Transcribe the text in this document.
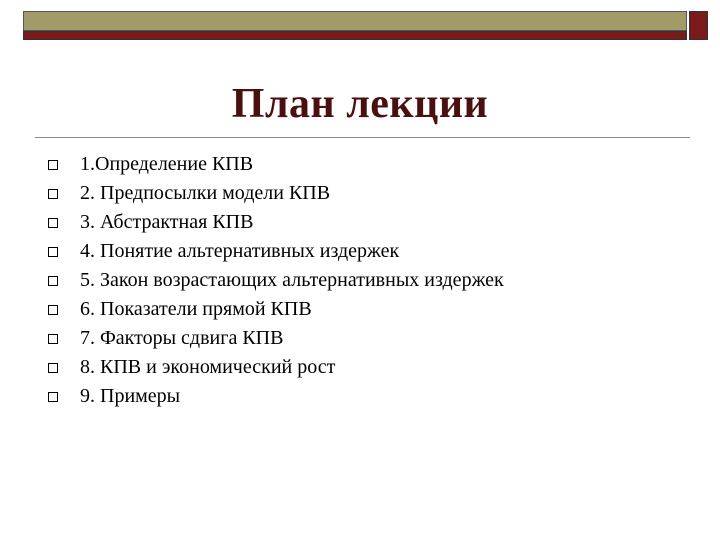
План лекции
1.Определение КПВ
2. Предпосылки модели КПВ
3. Абстрактная КПВ
4. Понятие альтернативных издержек
5. Закон возрастающих альтернативных издержек
6. Показатели прямой КПВ
7. Факторы сдвига КПВ
8. КПВ и экономический рост
9. Примеры
